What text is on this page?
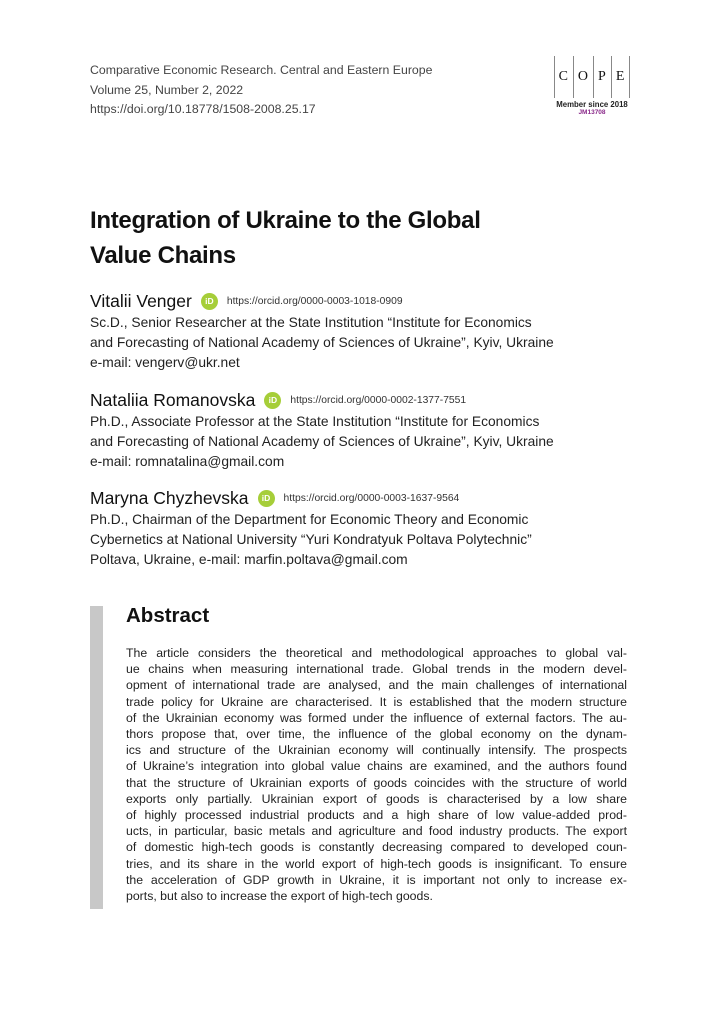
Comparative Economic Research. Central and Eastern Europe
Volume 25, Number 2, 2022
https://doi.org/10.18778/1508-2008.25.17
C O P E
Member since 2018
JM13708
Integration of Ukraine to the Global
Value Chains
Vitalii Venger	iD	https://orcid.org/0000-0003-1018-0909
Sc.D., Senior Researcher at the State Institution “Institute for Economics
and Forecasting of National Academy of Sciences of Ukraine”, Kyiv, Ukraine
e-mail: vengerv@ukr.net
Nataliia Romanovska	iD	https://orcid.org/0000-0002-1377-7551
Ph.D., Associate Professor at the State Institution “Institute for Economics
and Forecasting of National Academy of Sciences of Ukraine”, Kyiv, Ukraine
e-mail: romnatalina@gmail.com
Maryna Chyzhevska	iD	https://orcid.org/0000-0003-1637-9564
Ph.D., Chairman of the Department for Economic Theory and Economic
Cybernetics at National University “Yuri Kondratyuk Poltava Polytechnic”
Poltava, Ukraine, e-mail: marfin.poltava@gmail.com
Abstract
The article considers the theoretical and methodological approaches to global val-
ue chains when measuring international trade. Global trends in the modern devel-
opment of international trade are analysed, and the main challenges of international
trade policy for Ukraine are characterised. It is established that the modern structure
of the Ukrainian economy was formed under the influence of external factors. The au-
thors propose that, over time, the influence of the global economy on the dynam-
ics and structure of the Ukrainian economy will continually intensify. The prospects
of Ukraine’s integration into global value chains are examined, and the authors found
that the structure of Ukrainian exports of goods coincides with the structure of world
exports only partially. Ukrainian export of goods is characterised by a low share
of highly processed industrial products and a high share of low value-added prod-
ucts, in particular, basic metals and agriculture and food industry products. The export
of domestic high-tech goods is constantly decreasing compared to developed coun-
tries, and its share in the world export of high-tech goods is insignificant. To ensure
the acceleration of GDP growth in Ukraine, it is important not only to increase ex-
ports, but also to increase the export of high-tech goods.
